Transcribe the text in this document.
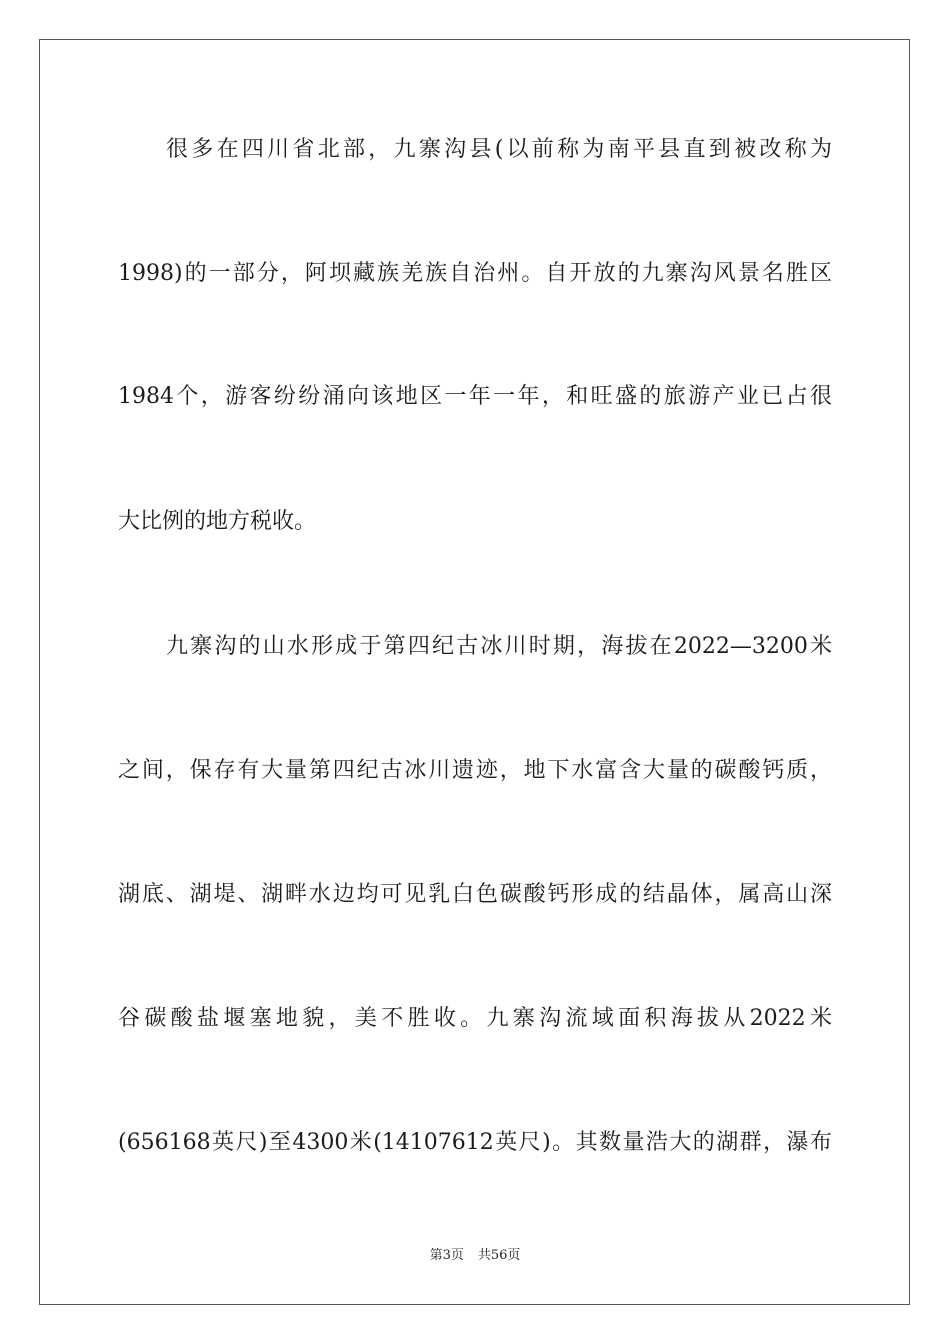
很多在四川省北部，九寨沟县(以前称为南平县直到被改称为
1998)的一部分，阿坝藏族羌族自治州。自开放的九寨沟风景名胜区
1984个，游客纷纷涌向该地区一年一年，和旺盛的旅游产业已占很
大比例的地方税收。
九寨沟的山水形成于第四纪古冰川时期，海拔在2022—3200米
之间，保存有大量第四纪古冰川遗迹，地下水富含大量的碳酸钙质，
湖底、湖堤、湖畔水边均可见乳白色碳酸钙形成的结晶体，属高山深
谷碳酸盐堰塞地貌，美不胜收。九寨沟流域面积海拔从2022米
(656168英尺)至4300米(14107612英尺)。其数量浩大的湖群，瀑布
第3页 共56页
